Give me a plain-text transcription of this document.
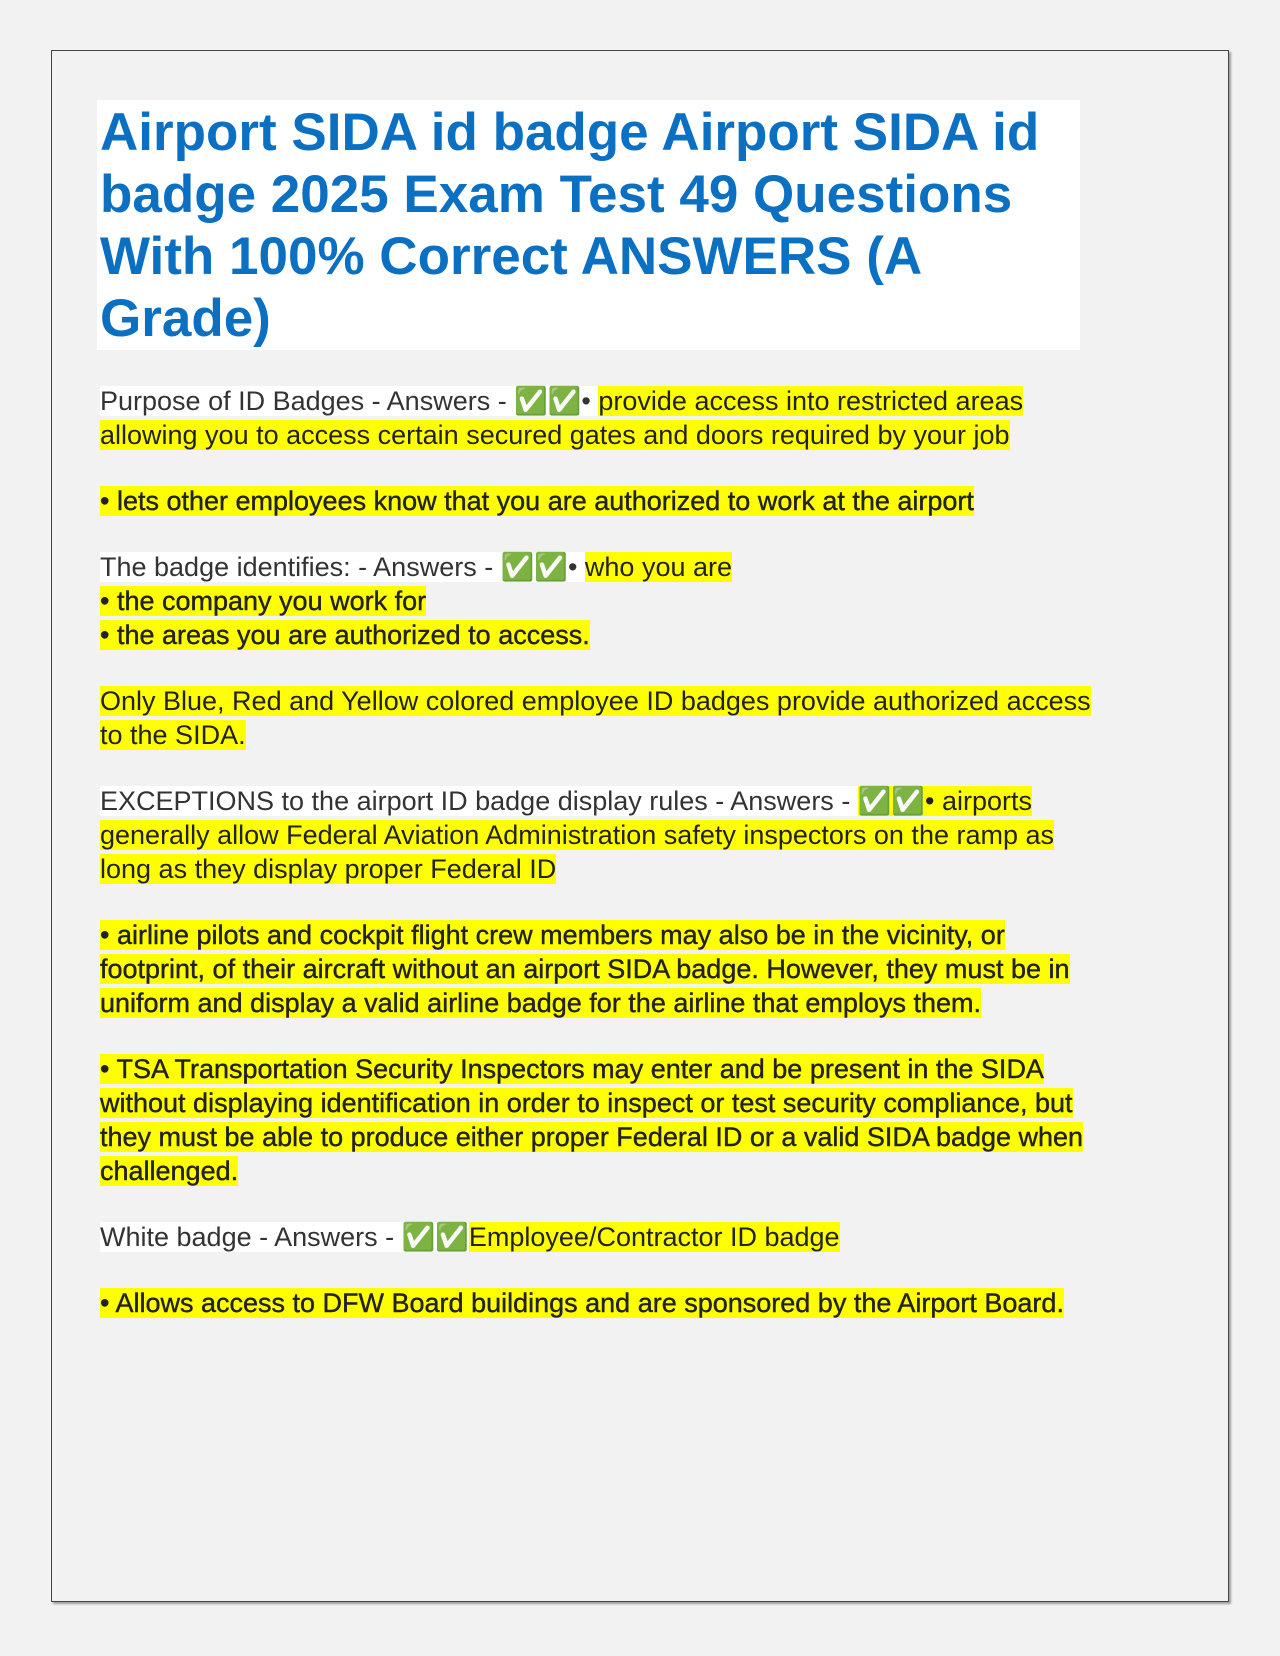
Airport SIDA id badge Airport SIDA id badge 2025 Exam Test 49 Questions With 100% Correct ANSWERS (A Grade)

Purpose of ID Badges - Answers - ✅✅• provide access into restricted areas allowing you to access certain secured gates and doors required by your job

• lets other employees know that you are authorized to work at the airport

The badge identifies: - Answers - ✅✅• who you are
• the company you work for
• the areas you are authorized to access.

Only Blue, Red and Yellow colored employee ID badges provide authorized access to the SIDA.

EXCEPTIONS to the airport ID badge display rules - Answers - ✅✅• airports generally allow Federal Aviation Administration safety inspectors on the ramp as long as they display proper Federal ID

• airline pilots and cockpit flight crew members may also be in the vicinity, or footprint, of their aircraft without an airport SIDA badge. However, they must be in uniform and display a valid airline badge for the airline that employs them.

• TSA Transportation Security Inspectors may enter and be present in the SIDA without displaying identification in order to inspect or test security compliance, but they must be able to produce either proper Federal ID or a valid SIDA badge when challenged.

White badge - Answers - ✅✅Employee/Contractor ID badge

• Allows access to DFW Board buildings and are sponsored by the Airport Board.
